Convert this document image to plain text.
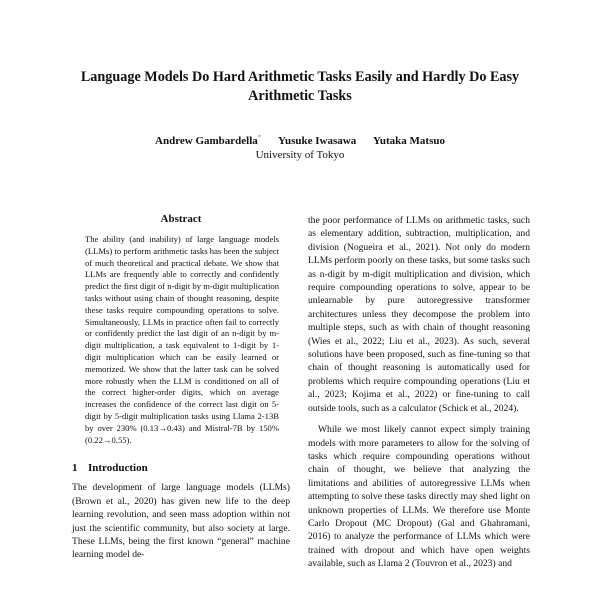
Language Models Do Hard Arithmetic Tasks Easily and Hardly Do Easy Arithmetic Tasks
Andrew Gambardella* Yusuke Iwasawa Yutaka Matsuo
University of Tokyo
Abstract

The ability (and inability) of large language models (LLMs) to perform arithmetic tasks has been the subject of much theoretical and practical debate. We show that LLMs are frequently able to correctly and confidently predict the first digit of n-digit by m-digit multiplication tasks without using chain of thought reasoning, despite these tasks require compounding operations to solve. Simultaneously, LLMs in practice often fail to correctly or confidently predict the last digit of an n-digit by m-digit multiplication, a task equivalent to 1-digit by 1-digit multiplication which can be easily learned or memorized. We show that the latter task can be solved more robustly when the LLM is conditioned on all of the correct higher-order digits, which on average increases the confidence of the correct last digit on 5-digit by 5-digit multiplication tasks using Llama 2-13B by over 230% (0.13→0.43) and Mistral-7B by 150% (0.22→0.55).

1 Introduction

The development of large language models (LLMs) (Brown et al., 2020) has given new life to the deep learning revolution, and seen mass adoption within not just the scientific community, but also society at large. These LLMs, being the first known “general” machine learning model de-

the poor performance of LLMs on arithmetic tasks, such as elementary addition, subtraction, multiplication, and division (Nogueira et al., 2021). Not only do modern LLMs perform poorly on these tasks, but some tasks such as n-digit by m-digit multiplication and division, which require compounding operations to solve, appear to be unlearnable by pure autoregressive transformer architectures unless they decompose the problem into multiple steps, such as with chain of thought reasoning (Wies et al., 2022; Liu et al., 2023). As such, several solutions have been proposed, such as fine-tuning so that chain of thought reasoning is automatically used for problems which require compounding operations (Liu et al., 2023; Kojima et al., 2022) or fine-tuning to call outside tools, such as a calculator (Schick et al., 2024).

While we most likely cannot expect simply training models with more parameters to allow for the solving of tasks which require compounding operations without chain of thought, we believe that analyzing the limitations and abilities of autoregressive LLMs when attempting to solve these tasks directly may shed light on unknown properties of LLMs. We therefore use Monte Carlo Dropout (MC Dropout) (Gal and Ghahramani, 2016) to analyze the performance of LLMs which were trained with dropout and which have open weights available, such as Llama 2 (Touvron et al., 2023) and
